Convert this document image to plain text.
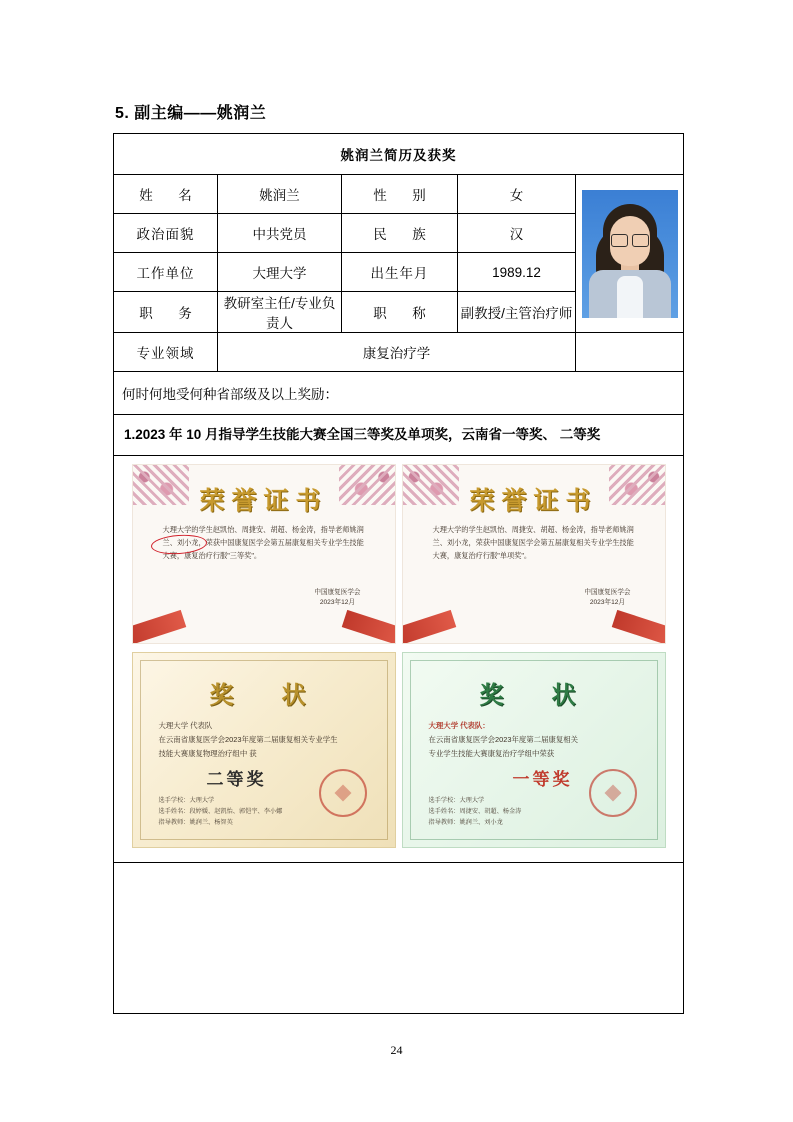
5. 副主编——姚润兰
姚润兰简历及获奖				
姓　名	姚润兰	性　别	女	

政治面貌	中共党员	民　族	汉	
工作单位	大理大学	出生年月	1989.12	
职　务	教研室主任/专业负责人	职　称	副教授/主管治疗师	
专业领域	康复治疗学			
何时何地受何种省部级及以上奖励：				
1.2023 年 10 月指导学生技能大赛全国三等奖及单项奖，云南省一等奖、 二等奖				

荣誉证书
大理大学的学生赵凯怡、周捷安、胡超、杨金涛，指导老师姚润兰、刘小龙，荣获中国康复医学会第五届康复相关专业学生技能大赛，康复治疗行服"三等奖"。
中国康复医学会
2023年12月
荣誉证书
大理大学的学生赵凯怡、周捷安、胡超、杨金涛，指导老师姚润兰、刘小龙，荣获中国康复医学会第五届康复相关专业学生技能大赛，康复治疗行服"单项奖"。
中国康复医学会
2023年12月
奖　状
大理大学 代表队
在云南省康复医学会2023年度第二届康复相关专业学生
技能大赛康复物理治疗组中 获
二等奖
选手学校：大理大学
选手姓名：段婷媛、赵凯怡、郭恺宇、李小娜
指导教师：姚润兰、杨智英
奖　状
大理大学 代表队：
在云南省康复医学会2023年度第二届康复相关
专业学生技能大赛康复治疗学组中荣获
一等奖
选手学校：大理大学
选手姓名：周捷安、胡超、杨金涛
指导教师：姚润兰、刘小龙

24
